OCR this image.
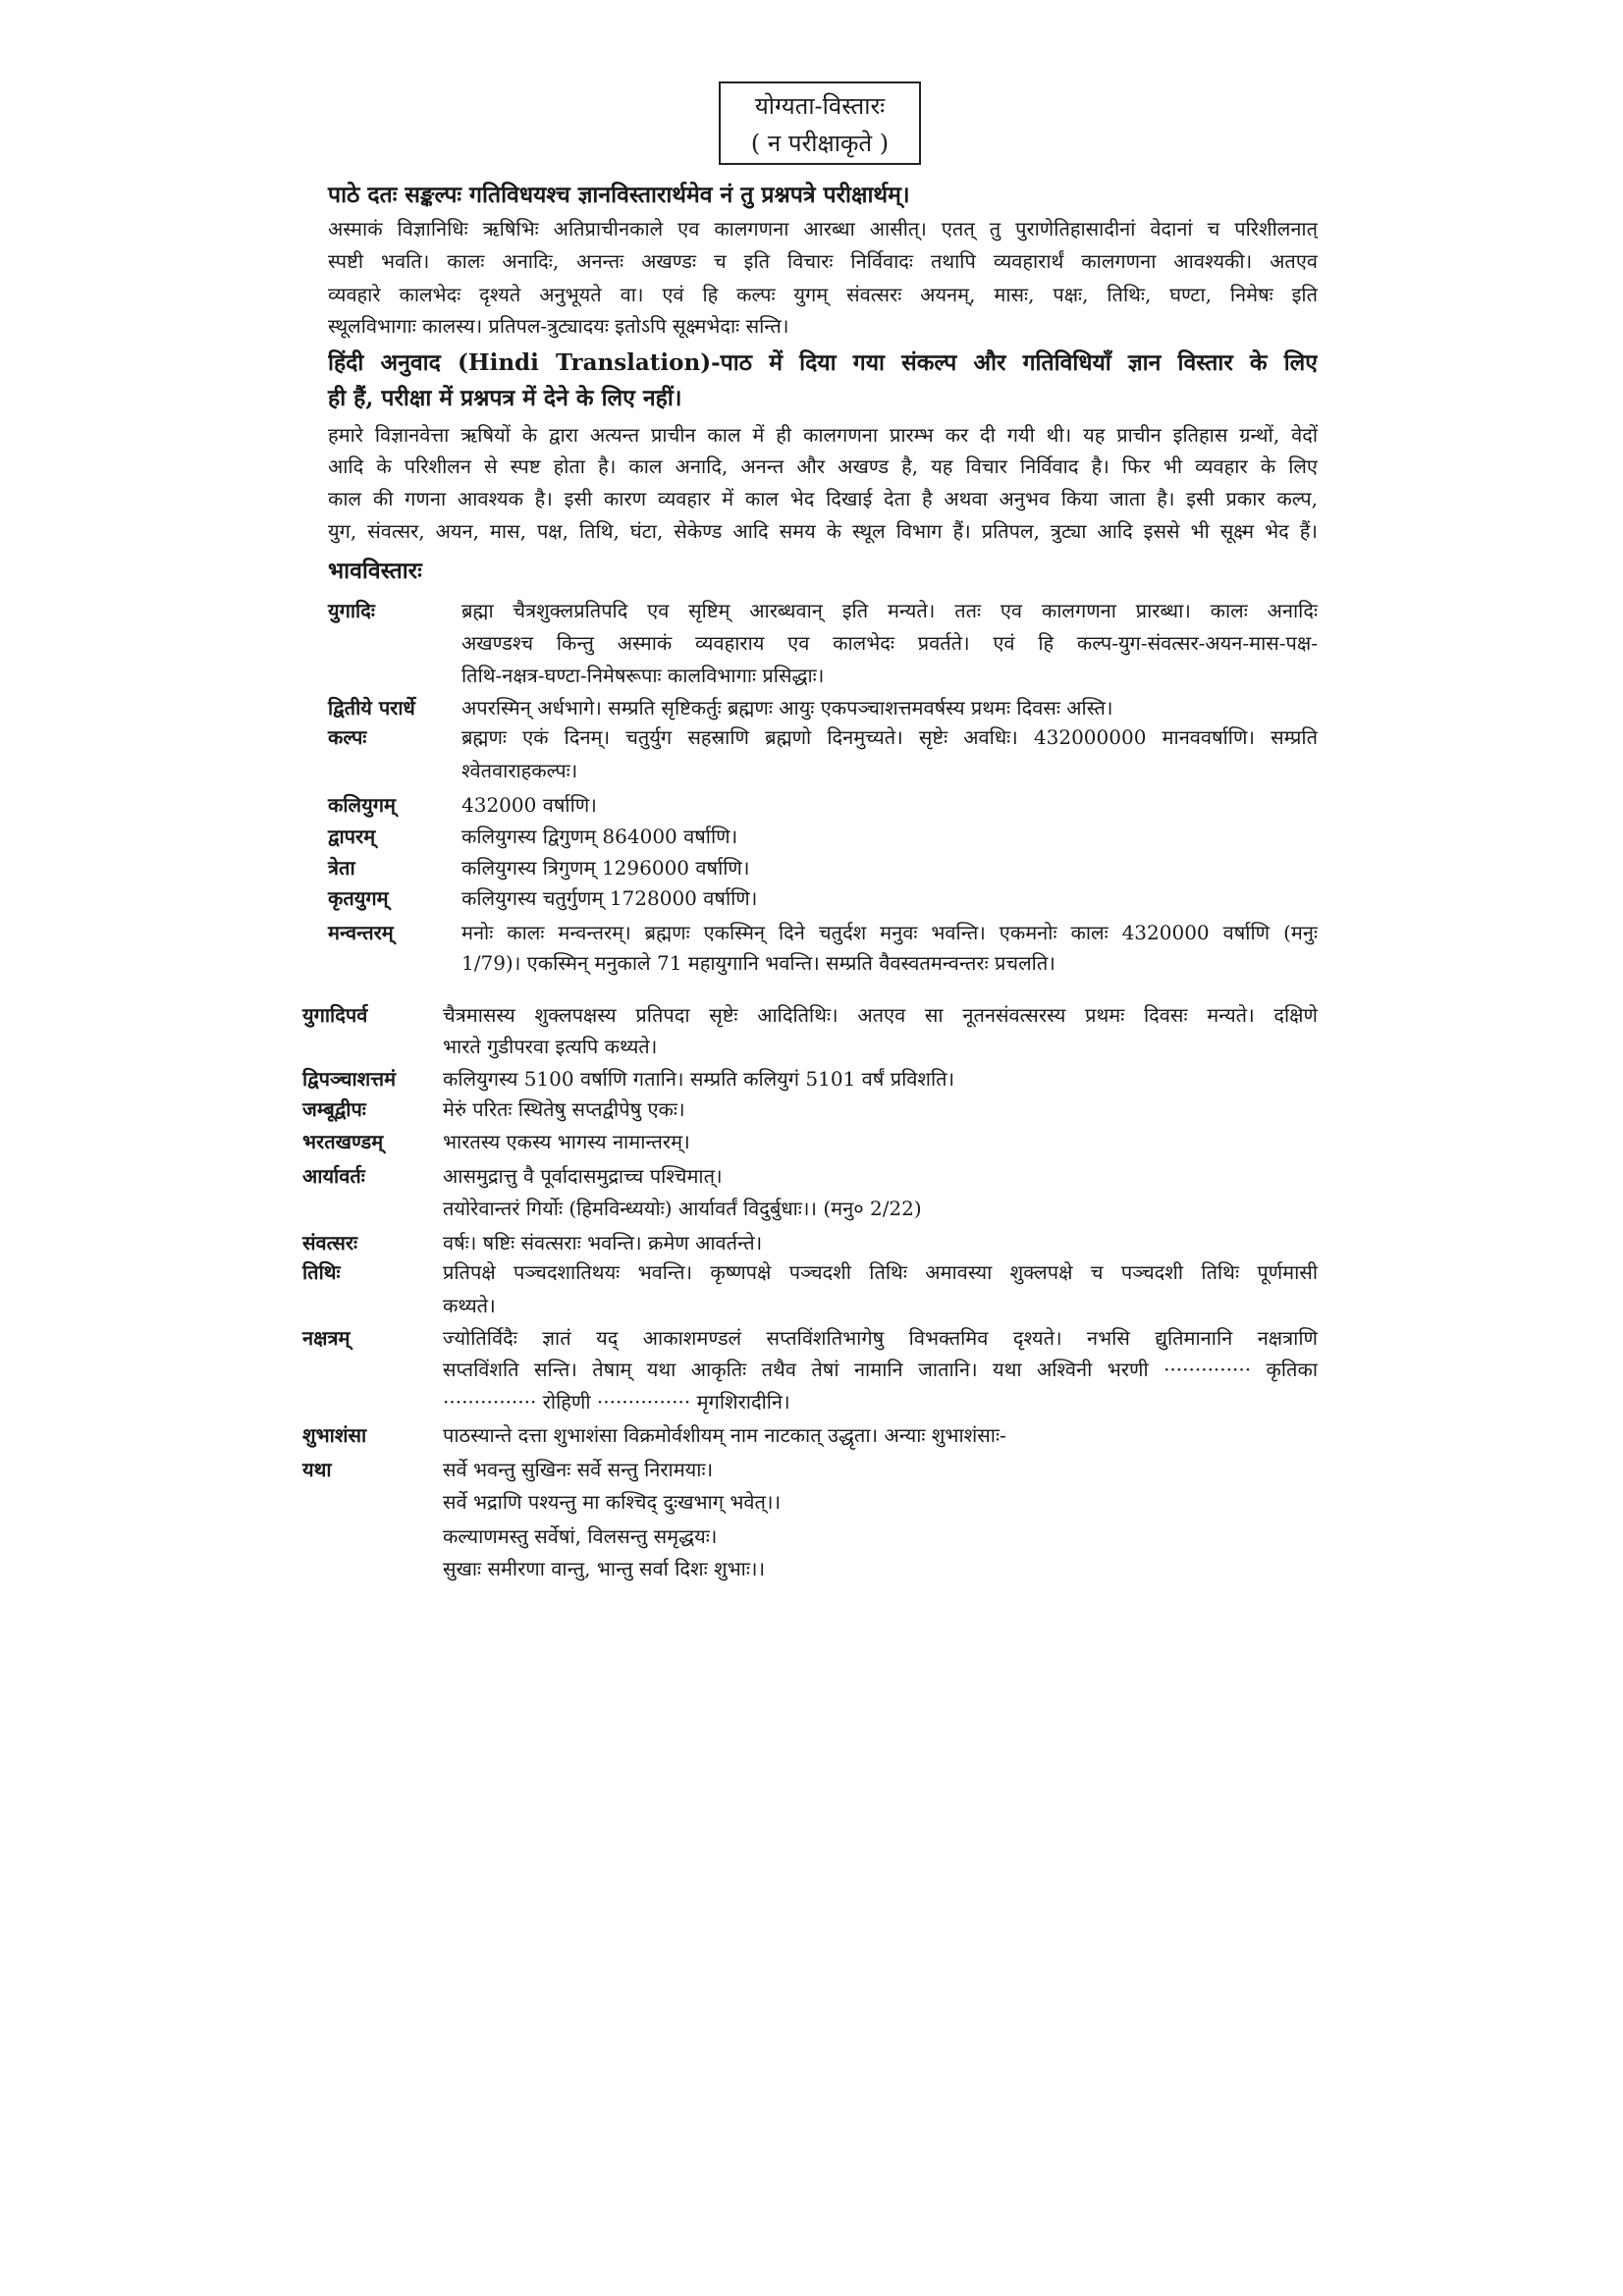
योग्यता-विस्तारः
( न परीक्षाकृते )
पाठे दतः सङ्कल्पः गतिविधयश्च ज्ञानविस्तारार्थमेव नं तु प्रश्नपत्रे परीक्षार्थम्।
अस्माकं विज्ञानिधिः ऋषिभिः अतिप्राचीनकाले एव कालगणना आरब्धा आसीत्। एतत् तु पुराणेतिहासादीनां वेदानां च परिशीलनात्
स्पष्टी भवति। कालः अनादिः, अनन्तः अखण्डः च इति विचारः निर्विवादः तथापि व्यवहारार्थं कालगणना आवश्यकी। अतएव
व्यवहारे कालभेदः दृश्यते अनुभूयते वा। एवं हि कल्पः युगम् संवत्सरः अयनम्, मासः, पक्षः, तिथिः, घण्टा, निमेषः इति
स्थूलविभागाः कालस्य। प्रतिपल-त्रुट्यादयः इतोऽपि सूक्ष्मभेदाः सन्ति।
हिंदी अनुवाद (Hindi Translation)-पाठ में दिया गया संकल्प और गतिविधियाँ ज्ञान विस्तार के लिए
ही हैं, परीक्षा में प्रश्नपत्र में देने के लिए नहीं।
हमारे विज्ञानवेत्ता ऋषियों के द्वारा अत्यन्त प्राचीन काल में ही कालगणना प्रारम्भ कर दी गयी थी। यह प्राचीन इतिहास ग्रन्थों, वेदों
आदि के परिशीलन से स्पष्ट होता है। काल अनादि, अनन्त और अखण्ड है, यह विचार निर्विवाद है। फिर भी व्यवहार के लिए
काल की गणना आवश्यक है। इसी कारण व्यवहार में काल भेद दिखाई देता है अथवा अनुभव किया जाता है। इसी प्रकार कल्प,
युग, संवत्सर, अयन, मास, पक्ष, तिथि, घंटा, सेकेण्ड आदि समय के स्थूल विभाग हैं। प्रतिपल, त्रुट्या आदि इससे भी सूक्ष्म भेद हैं।
भावविस्तारः
युगादिः	ब्रह्मा चैत्रशुक्लप्रतिपदि एव सृष्टिम् आरब्धवान् इति मन्यते। ततः एव कालगणना प्रारब्धा। कालः अनादिः
अखण्डश्च किन्तु अस्माकं व्यवहाराय एव कालभेदः प्रवर्तते। एवं हि कल्प-युग-संवत्सर-अयन-मास-पक्ष-
तिथि-नक्षत्र-घण्टा-निमेषरूपाः कालविभागाः प्रसिद्धाः।
द्वितीये परार्धे अपरस्मिन् अर्धभागे। सम्प्रति सृष्टिकर्तुः ब्रह्मणः आयुः एकपञ्चाशत्तमवर्षस्य प्रथमः दिवसः अस्ति।
कल्पः	ब्रह्मणः एकं दिनम्। चतुर्युग सहस्राणि ब्रह्मणो दिनमुच्यते। सृष्टेः अवधिः। 432000000 मानववर्षाणि। सम्प्रति
श्वेतवाराहकल्पः।
कलियुगम्	432000 वर्षाणि।
द्वापरम्	कलियुगस्य द्विगुणम् 864000 वर्षाणि।
त्रेता	कलियुगस्य त्रिगुणम् 1296000 वर्षाणि।
कृतयुगम्	कलियुगस्य चतुर्गुणम् 1728000 वर्षाणि।
मन्वन्तरम्	मनोः कालः मन्वन्तरम्। ब्रह्मणः एकस्मिन् दिने चतुर्दश मनुवः भवन्ति। एकमनोः कालः 4320000 वर्षाणि (मनुः
1/79)। एकस्मिन् मनुकाले 71 महायुगानि भवन्ति। सम्प्रति वैवस्वतमन्वन्तरः प्रचलति।
युगादिपर्व	चैत्रमासस्य शुक्लपक्षस्य प्रतिपदा सृष्टेः आदितिथिः। अतएव सा नूतनसंवत्सरस्य प्रथमः दिवसः मन्यते। दक्षिणे
भारते गुडीपरवा इत्यपि कथ्यते।
द्विपञ्चाशत्तमं कलियुगस्य 5100 वर्षाणि गतानि। सम्प्रति कलियुगं 5101 वर्षं प्रविशति।
जम्बूद्वीपः	मेरुं परितः स्थितेषु सप्तद्वीपेषु एकः।
भरतखण्डम्	भारतस्य एकस्य भागस्य नामान्तरम्।
आर्यावर्तः	आसमुद्रात्तु वै पूर्वादासमुद्राच्च पश्चिमात्।
तयोरेवान्तरं गिर्योः (हिमविन्ध्ययोः) आर्यावर्तं विदुर्बुधाः।। (मनु० 2/22)
संवत्सरः	वर्षः। षष्टिः संवत्सराः भवन्ति। क्रमेण आवर्तन्ते।
तिथिः	प्रतिपक्षे पञ्चदशातिथयः भवन्ति। कृष्णपक्षे पञ्चदशी तिथिः अमावस्या शुक्लपक्षे च पञ्चदशी तिथिः पूर्णमासी
कथ्यते।
नक्षत्रम्	ज्योतिर्विदैः ज्ञातं यद् आकाशमण्डलं सप्तविंशतिभागेषु विभक्तमिव दृश्यते। नभसि द्युतिमानानि नक्षत्राणि
सप्तविंशति सन्ति। तेषाम् यथा आकृतिः तथैव तेषां नामानि जातानि। यथा अश्विनी भरणी ·············· कृतिका
··············· रोहिणी ··············· मृगशिरादीनि।
शुभाशंसा	पाठस्यान्ते दत्ता शुभाशंसा विक्रमोर्वशीयम् नाम नाटकात् उद्धृता। अन्याः शुभाशंसाः-
यथा	सर्वे भवन्तु सुखिनः सर्वे सन्तु निरामयाः।
सर्वे भद्राणि पश्यन्तु मा कश्चिद् दुःखभाग् भवेत्।।
कल्याणमस्तु सर्वेषां, विलसन्तु समृद्धयः।
सुखाः समीरणा वान्तु, भान्तु सर्वा दिशः शुभाः।।
